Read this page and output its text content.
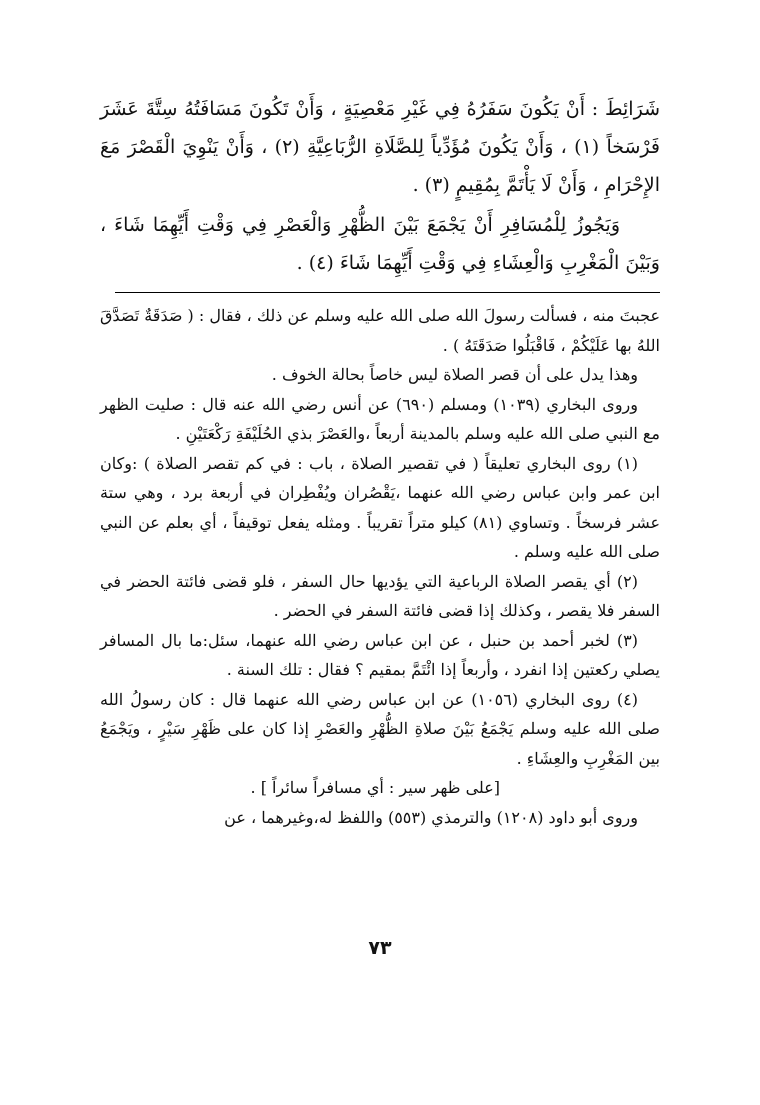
شَرَائِطَ : أَنْ يَكُونَ سَفَرُهُ فِي غَيْرِ مَعْصِيَةٍ ، وَأَنْ تَكُونَ مَسَافَتُهُ سِتَّةَ عَشَرَ فَرْسَخاً (١) ، وَأَنْ يَكُونَ مُؤَدِّياً لِلصَّلَاةِ الرُّبَاعِيَّةِ (٢) ، وَأَنْ يَنْوِيَ الْقَصْرَ مَعَ الإِحْرَامِ ، وَأَنْ لَا يَأْتَمَّ بِمُقِيمٍ (٣) .

وَيَجُوزُ لِلْمُسَافِرِ أَنْ يَجْمَعَ بَيْنَ الظُّهْرِ وَالْعَصْرِ فِي وَقْتِ أَيِّهِمَا شَاءَ ، وَبَيْنَ الْمَغْرِبِ وَالْعِشَاءِ فِي وَقْتِ أَيِّهِمَا شَاءَ (٤) .

عجبتَ منه ، فسألت رسولَ الله صلى الله عليه وسلم عن ذلك ، فقال : ( صَدَقَةٌ تَصَدَّقَ اللهُ بها عَلَيْكُمْ ، فَاقْبَلُوا صَدَقَتَهُ ) .

وهذا يدل على أن قصر الصلاة ليس خاصاً بحالة الخوف .

وروى البخاري (١٠٣٩) ومسلم (٦٩٠) عن أنس رضي الله عنه قال : صليت الظهر مع النبي صلى الله عليه وسلم بالمدينة أربعاً ،والعَصْرَ بذي الحُلَيْفَةِ رَكْعَتَيْنِ .

(١) روى البخاري تعليقاً ( في تقصير الصلاة ، باب : في كم تقصر الصلاة ) :وكان ابن عمر وابن عباس رضي الله عنهما ،يَقْصُران ويُفْطِران في أربعة برد ، وهي ستة عشر فرسخاً . وتساوي (٨١) كيلو متراً تقريباً . ومثله يفعل توقيفاً ، أي بعلم عن النبي صلى الله عليه وسلم .

(٢) أي يقصر الصلاة الرباعية التي يؤديها حال السفر ، فلو قضى فائتة الحضر في السفر فلا يقصر ، وكذلك إذا قضى فائتة السفر في الحضر .

(٣) لخبر أحمد بن حنبل ، عن ابن عباس رضي الله عنهما، سئل:ما بال المسافر يصلي ركعتين إذا انفرد ، وأربعاً إذا ائْتَمَّ بمقيم ؟ فقال : تلك السنة .

(٤) روى البخاري (١٠٥٦) عن ابن عباس رضي الله عنهما قال : كان رسولُ الله صلى الله عليه وسلم يَجْمَعُ بَيْنَ صلاةِ الظُّهْرِ والعَصْرِ إذا كان على ظَهْرِ سَيْرٍ ، ويَجْمَعُ بين المَغْرِبِ والعِشَاءِ .

[على ظهر سير : أي مسافراً سائراً ] .

وروى أبو داود (١٢٠٨) والترمذي (٥٥٣) واللفظ له،وغيرهما ، عن

٧٣
